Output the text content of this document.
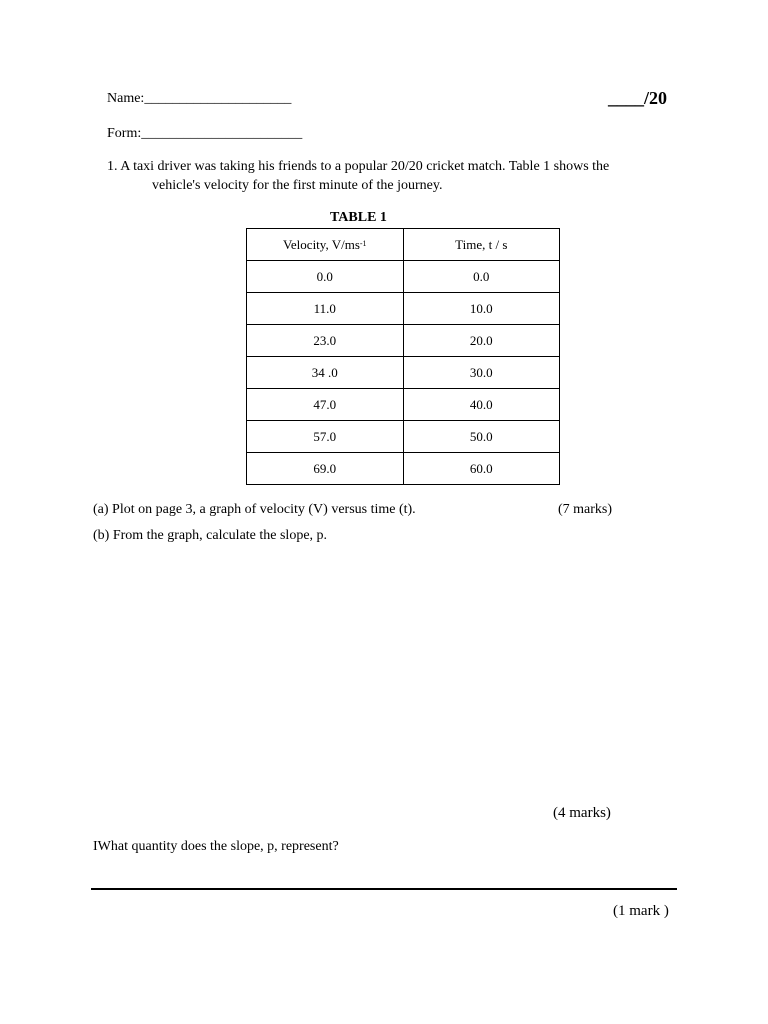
Name:_____________________	____/20
Form:_______________________
1. A taxi driver was taking his friends to a popular 20/20 cricket match. Table 1 shows the
vehicle's velocity for the first minute of the journey.
TABLE 1
Velocity, $V/ms^{-1}$	Time, t / s
0.0	0.0
11.0	10.0
23.0	20.0
34 .0	30.0
47.0	40.0
57.0	50.0
69.0	60.0
(a) Plot on page 3, a graph of velocity (V) versus time (t).	(7 marks)
(b) From the graph, calculate the slope, p.
(4 marks)
IWhat quantity does the slope, p, represent?
(1 mark )
